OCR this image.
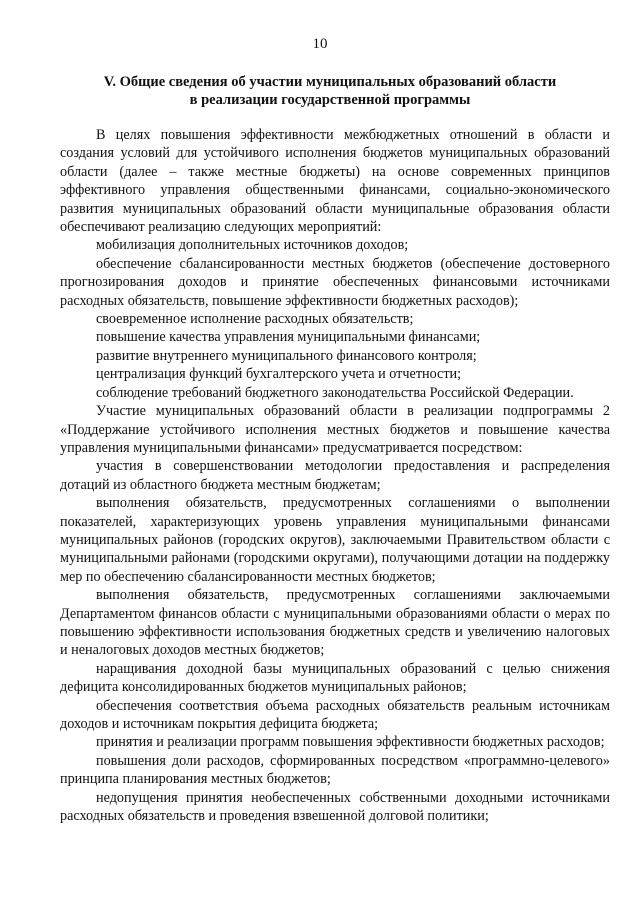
10
V. Общие сведения об участии муниципальных образований области
в реализации государственной программы

В целях повышения эффективности межбюджетных отношений в области и создания условий для устойчивого исполнения бюджетов муниципальных образований области (далее – также местные бюджеты) на основе современных принципов эффективного управления общественными финансами, социально-экономического развития муниципальных образований области муниципальные образования области обеспечивают реализацию следующих мероприятий:

мобилизация дополнительных источников доходов;

обеспечение сбалансированности местных бюджетов (обеспечение достоверного прогнозирования доходов и принятие обеспеченных финансовыми источниками расходных обязательств, повышение эффективности бюджетных расходов);

своевременное исполнение расходных обязательств;

повышение качества управления муниципальными финансами;

развитие внутреннего муниципального финансового контроля;

централизация функций бухгалтерского учета и отчетности;

соблюдение требований бюджетного законодательства Российской Федерации.

Участие муниципальных образований области в реализации подпрограммы 2 «Поддержание устойчивого исполнения местных бюджетов и повышение качества управления муниципальными финансами» предусматривается посредством:

участия в совершенствовании методологии предоставления и распределения дотаций из областного бюджета местным бюджетам;

выполнения обязательств, предусмотренных соглашениями о выполнении показателей, характеризующих уровень управления муниципальными финансами муниципальных районов (городских округов), заключаемыми Правительством области с муниципальными районами (городскими округами), получающими дотации на поддержку мер по обеспечению сбалансированности местных бюджетов;

выполнения обязательств, предусмотренных соглашениями заключаемыми Департаментом финансов области с муниципальными образованиями области о мерах по повышению эффективности использования бюджетных средств и увеличению налоговых и неналоговых доходов местных бюджетов;

наращивания доходной базы муниципальных образований с целью снижения дефицита консолидированных бюджетов муниципальных районов;

обеспечения соответствия объема расходных обязательств реальным источникам доходов и источникам покрытия дефицита бюджета;

принятия и реализации программ повышения эффективности бюджетных расходов;

повышения доли расходов, сформированных посредством «программно-целевого» принципа планирования местных бюджетов;

недопущения принятия необеспеченных собственными доходными источниками расходных обязательств и проведения взвешенной долговой политики;
